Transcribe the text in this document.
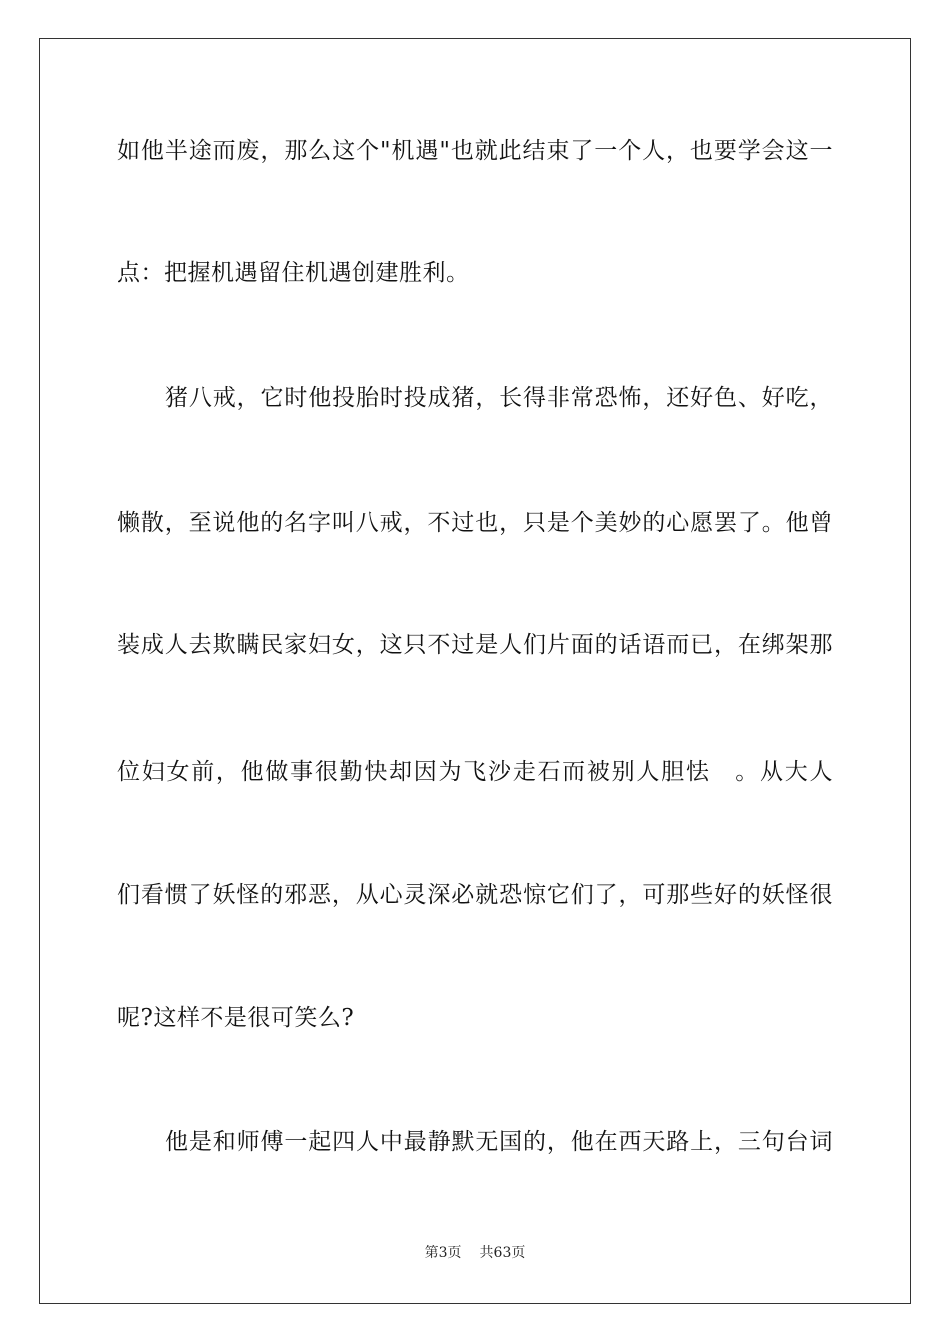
如他半途而废，那么这个"机遇"也就此结束了一个人，也要学会这一
点：把握机遇留住机遇创建胜利。
猪八戒，它时他投胎时投成猪，长得非常恐怖，还好色、好吃，
懒散，至说他的名字叫八戒，不过也，只是个美妙的心愿罢了。他曾
装成人去欺瞒民家妇女，这只不过是人们片面的话语而已，在绑架那
位妇女前，他做事很勤快却因为飞沙走石而被别人胆怯　。从大人
们看惯了妖怪的邪恶，从心灵深必就恐惊它们了，可那些好的妖怪很
呢?这样不是很可笑么?
他是和师傅一起四人中最静默无国的，他在西天路上，三句台词
第3页 共63页
